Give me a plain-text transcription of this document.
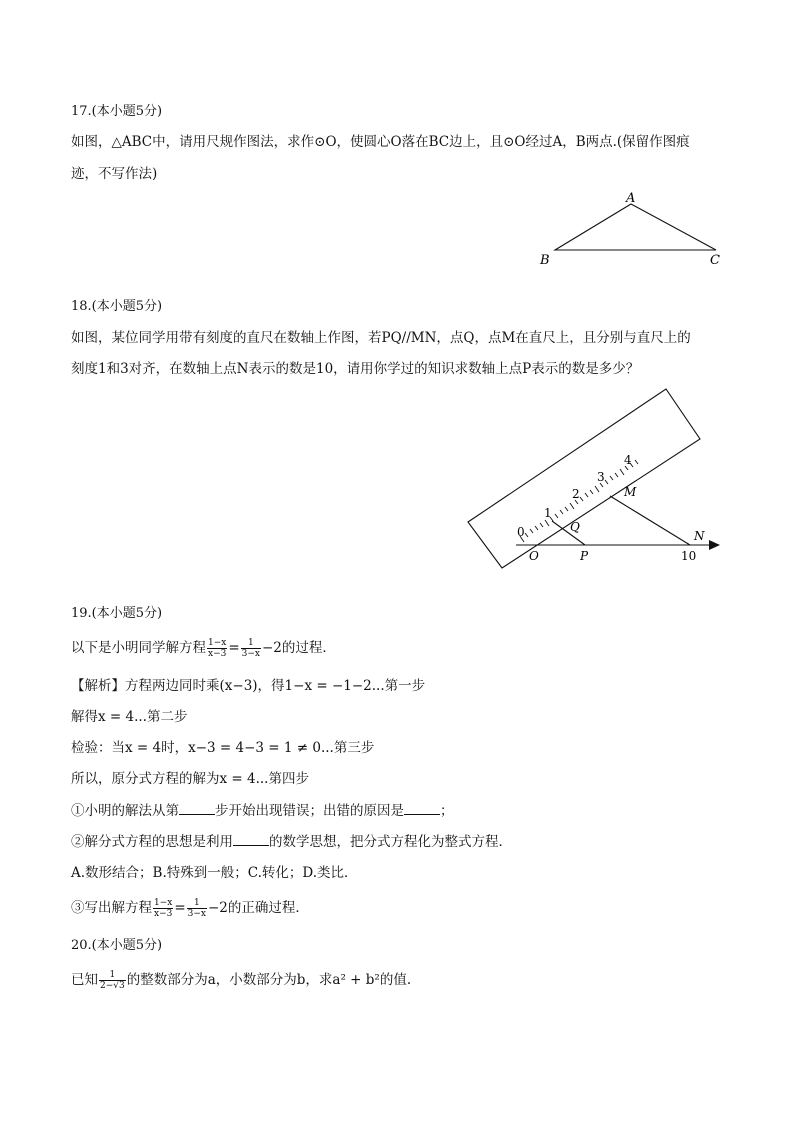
17.(本小题5分)
如图，△ABC中，请用尺规作图法，求作⊙O，使圆心O落在BC边上，且⊙O经过A，B两点.(保留作图痕
迹，不写作法)
A
B	C
18.(本小题5分)
如图，某位同学用带有刻度的直尺在数轴上作图，若PQ//MN，点Q，点M在直尺上，且分别与直尺上的
刻度1和3对齐，在数轴上点N表示的数是10，请用你学过的知识求数轴上点P表示的数是多少？
0
1
2
3
4
O	P
Q
M
N
10
19.(本小题5分)
以下是小明同学解方程 $\frac{1-x}{x-3} = \frac{1}{3-x} -2$的过程．
【解析】方程两边同时乘(x−3)，得1−x = −1−2...第一步
解得x = 4...第二步
检验：当x = 4时，x−3 = 4−3 = 1 ≠ 0...第三步
所以，原分式方程的解为x = 4...第四步
①小明的解法从第	步开始出现错误；出错的原因是	；
②解分式方程的思想是利用	的数学思想，把分式方程化为整式方程．
A.数形结合；B.特殊到一般；C.转化；D.类比．
③写出解方程 $\frac{1-x}{x-3} = \frac{1}{3-x} -2$的正确过程．
20.(本小题5分)
已知 $\frac{1}{2-√3}$ 的整数部分为a，小数部分为b，求a² + b²的值.
